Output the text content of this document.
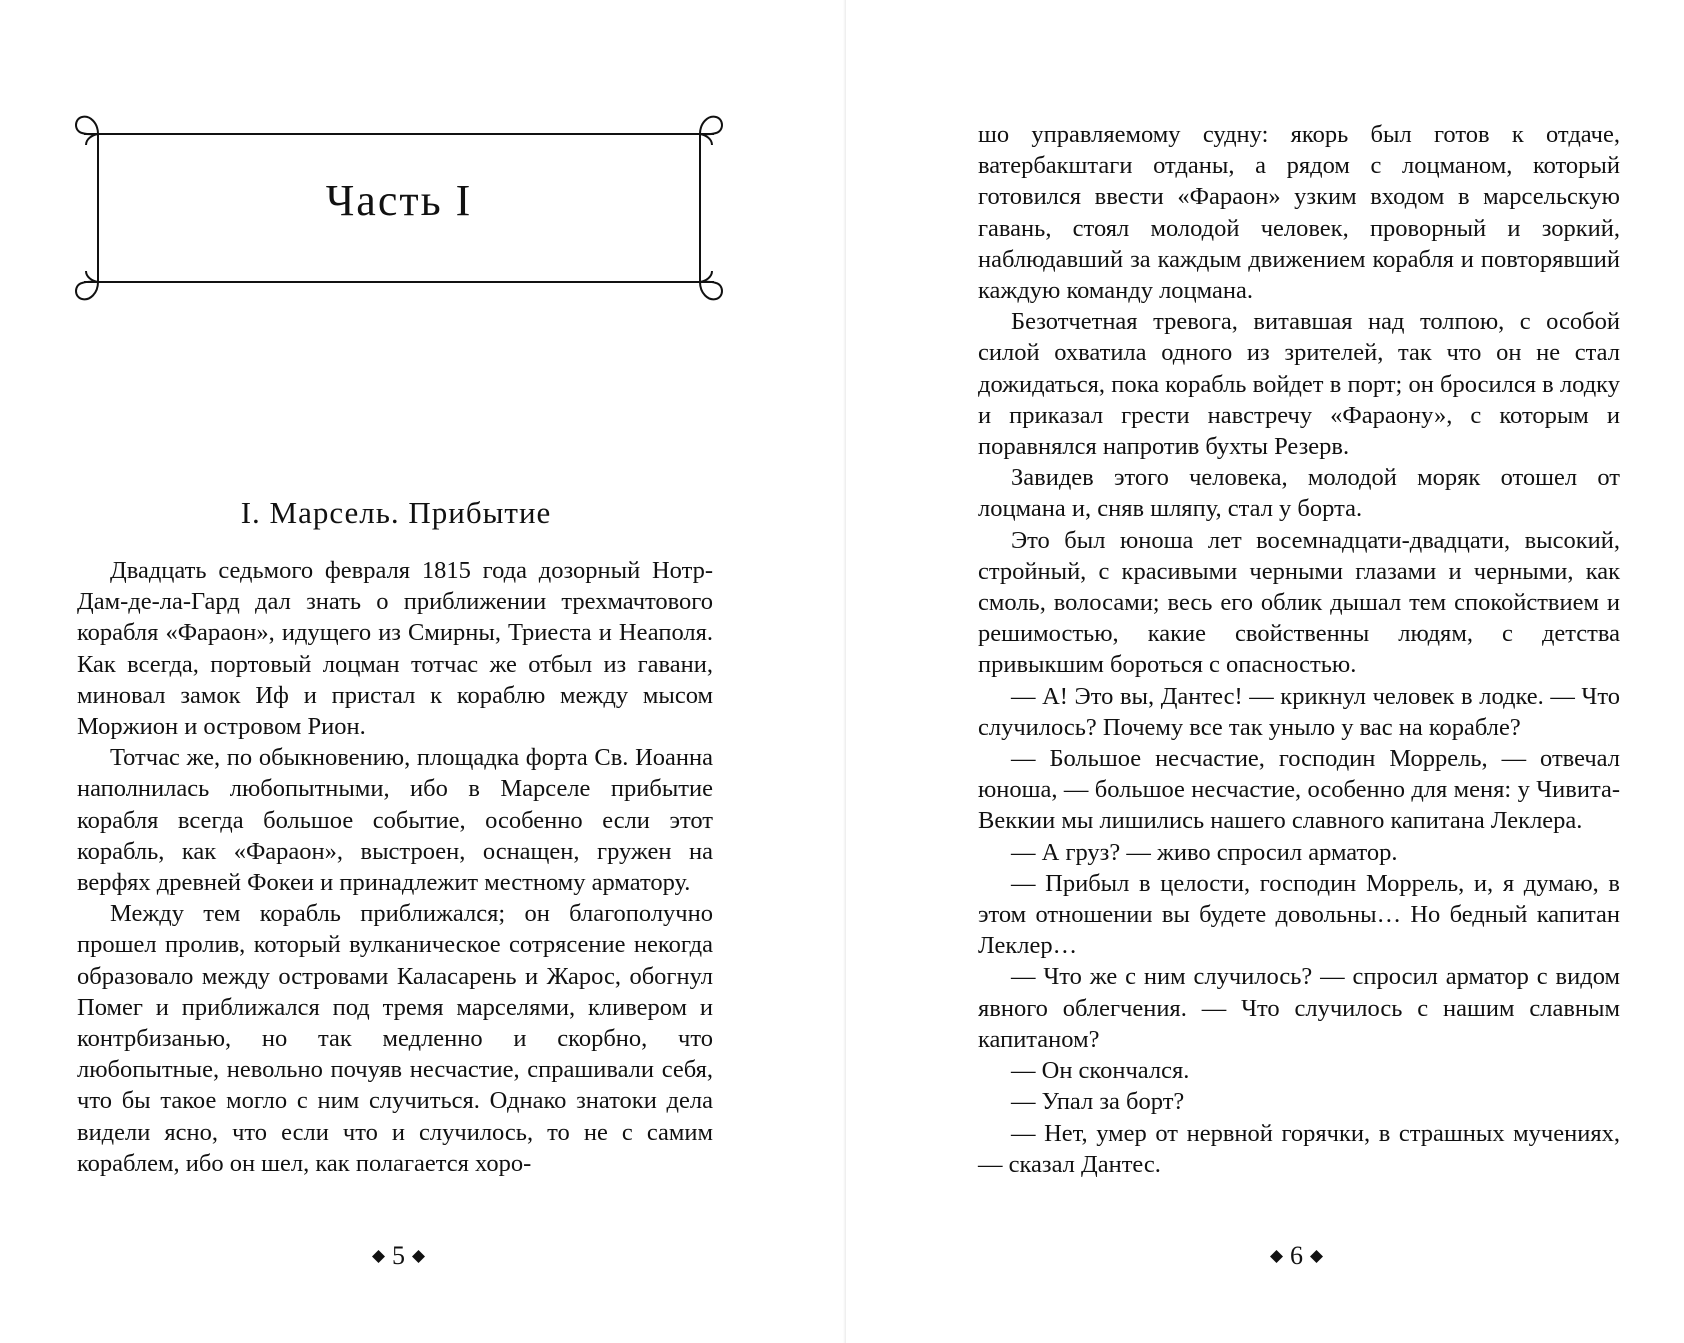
Часть I
I. Марсель. Прибытие

Двадцать седьмого февраля 1815 года дозорный Нотр-Дам-де-ла-Гард дал знать о приближении трехмачтового корабля «Фараон», идущего из Смирны, Триеста и Неаполя. Как всегда, портовый лоцман тотчас же отбыл из гавани, миновал замок Иф и пристал к кораблю между мысом Моржион и островом Рион.

Тотчас же, по обыкновению, площадка форта Св. Иоанна наполнилась любопытными, ибо в Марселе прибытие корабля всегда большое событие, особенно если этот корабль, как «Фараон», выстроен, оснащен, гружен на верфях древней Фокеи и принадлежит местному арматору.

Между тем корабль приближался; он благополучно прошел пролив, который вулканическое сотрясение некогда образовало между островами Каласарень и Жарос, обогнул Помег и приближался под тремя марселями, кливером и контрбизанью, но так медленно и скорбно, что любопытные, невольно почуяв несчастие, спрашивали себя, что бы такое могло с ним случиться. Однако знатоки дела видели ясно, что если что и случилось, то не с самим кораблем, ибо он шел, как полагается хоро-

5

шо управляемому судну: якорь был готов к отдаче, ватербакштаги отданы, а рядом с лоцманом, который готовился ввести «Фараон» узким входом в марсельскую гавань, стоял молодой человек, проворный и зоркий, наблюдавший за каждым движением корабля и повторявший каждую команду лоцмана.

Безотчетная тревога, витавшая над толпою, с особой силой охватила одного из зрителей, так что он не стал дожидаться, пока корабль войдет в порт; он бросился в лодку и приказал грести навстречу «Фараону», с которым и поравнялся напротив бухты Резерв.

Завидев этого человека, молодой моряк отошел от лоцмана и, сняв шляпу, стал у борта.

Это был юноша лет восемнадцати-двадцати, высокий, стройный, с красивыми черными глазами и черными, как смоль, волосами; весь его облик дышал тем спокойствием и решимостью, какие свойственны людям, с детства привыкшим бороться с опасностью.

— А! Это вы, Дантес! — крикнул человек в лодке. — Что случилось? Почему все так уныло у вас на корабле?

— Большое несчастие, господин Моррель, — отвечал юноша, — большое несчастие, особенно для меня: у Чивита-Веккии мы лишились нашего славного капитана Леклера.

— А груз? — живо спросил арматор.

— Прибыл в целости, господин Моррель, и, я думаю, в этом отношении вы будете довольны… Но бедный капитан Леклер…

— Что же с ним случилось? — спросил арматор с видом явного облегчения. — Что случилось с нашим славным капитаном?

— Он скончался.

— Упал за борт?

— Нет, умер от нервной горячки, в страшных мучениях, — сказал Дантес.

6
